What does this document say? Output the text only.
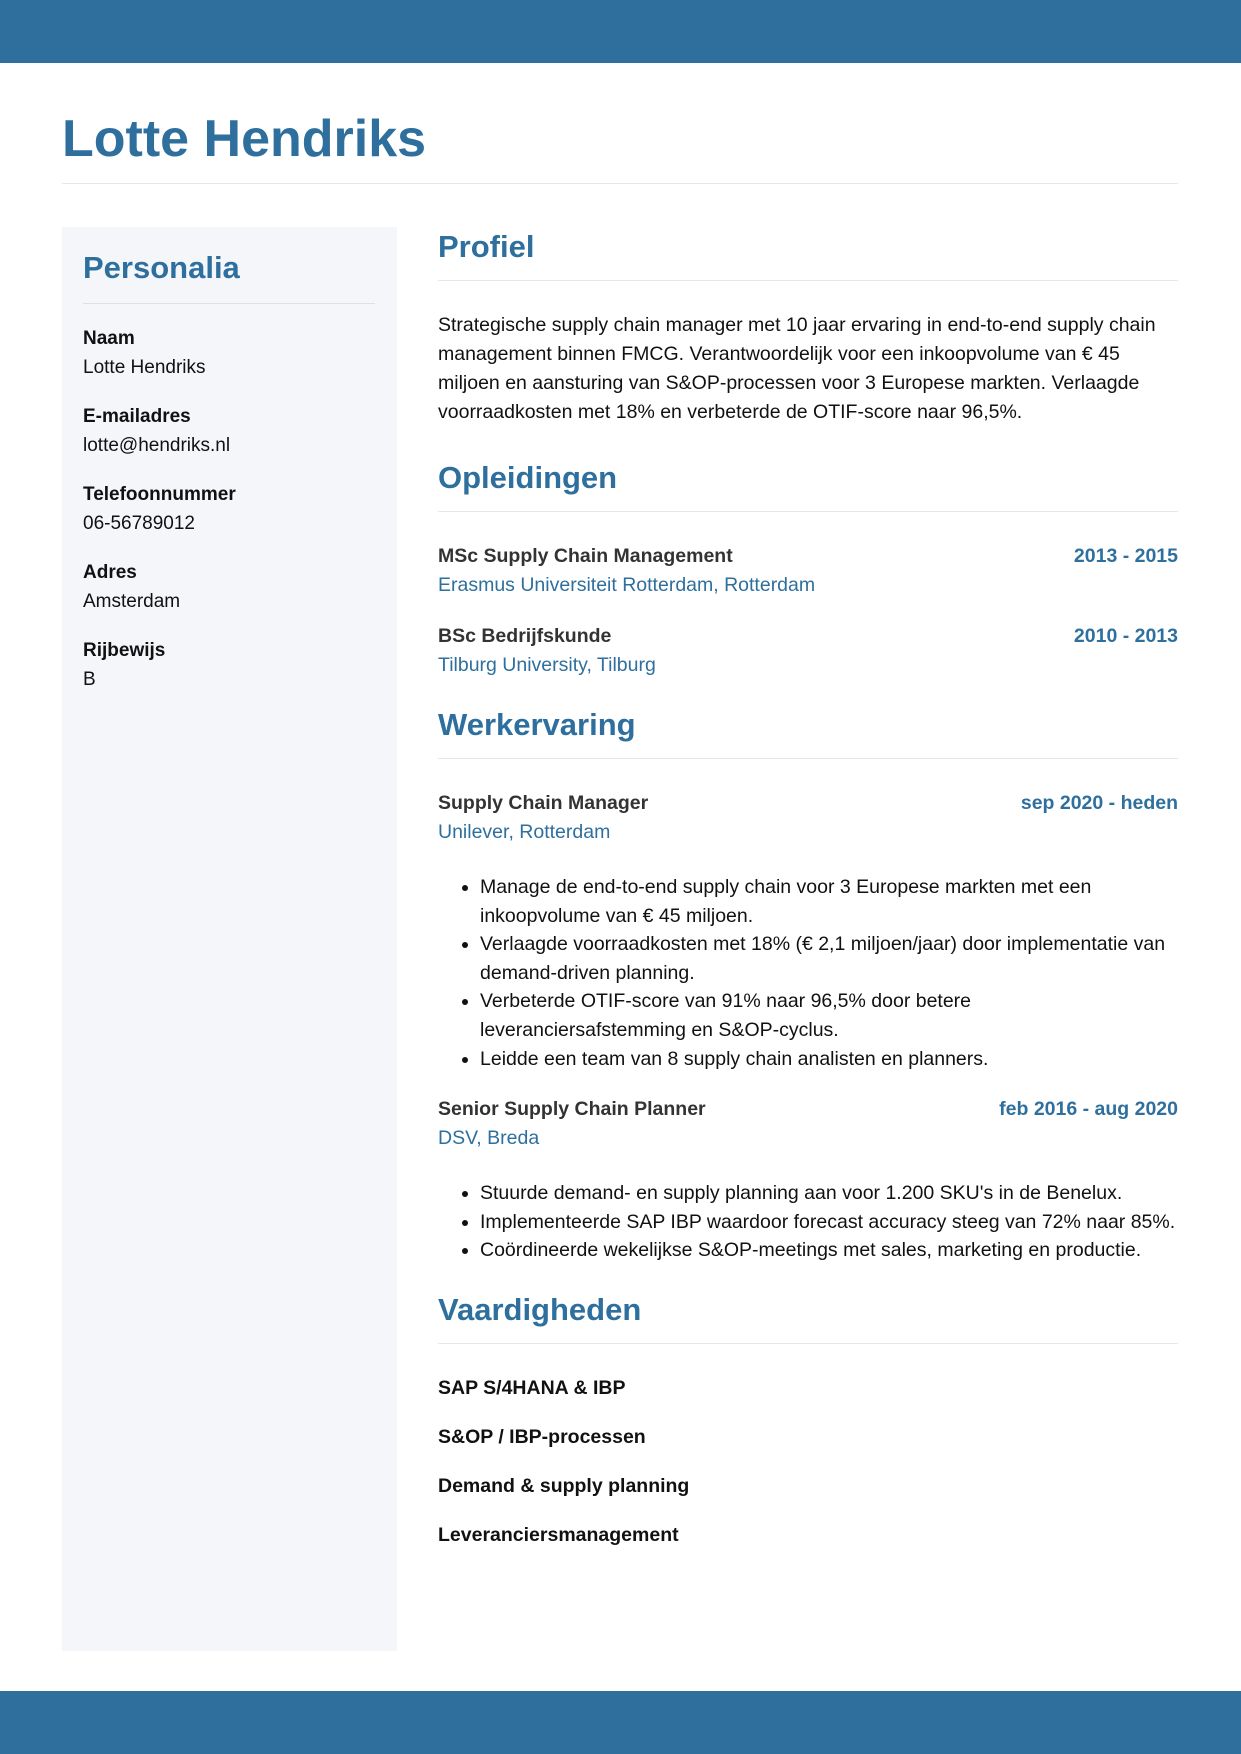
Lotte Hendriks
Personalia
Naam
Lotte Hendriks
E-mailadres
lotte@hendriks.nl
Telefoonnummer
06-56789012
Adres
Amsterdam
Rijbewijs
B
Profiel

Strategische supply chain manager met 10 jaar ervaring in end-to-end supply chain management binnen FMCG. Verantwoordelijk voor een inkoopvolume van € 45 miljoen en aansturing van S&OP-processen voor 3 Europese markten. Verlaagde voorraadkosten met 18% en verbeterde de OTIF-score naar 96,5%.

Opleidingen
MSc Supply Chain Management	2013 - 2015
Erasmus Universiteit Rotterdam, Rotterdam
BSc Bedrijfskunde	2010 - 2013
Tilburg University, Tilburg
Werkervaring
Supply Chain Manager	sep 2020 - heden
Unilever, Rotterdam
• Manage de end-to-end supply chain voor 3 Europese markten met een inkoopvolume van € 45 miljoen.
• Verlaagde voorraadkosten met 18% (€ 2,1 miljoen/jaar) door implementatie van demand-driven planning.
• Verbeterde OTIF-score van 91% naar 96,5% door betere leveranciersafstemming en S&OP-cyclus.
• Leidde een team van 8 supply chain analisten en planners.
Senior Supply Chain Planner	feb 2016 - aug 2020
DSV, Breda
• Stuurde demand- en supply planning aan voor 1.200 SKU's in de Benelux.
• Implementeerde SAP IBP waardoor forecast accuracy steeg van 72% naar 85%.
• Coördineerde wekelijkse S&OP-meetings met sales, marketing en productie.
Vaardigheden
SAP S/4HANA & IBP
S&OP / IBP-processen
Demand & supply planning
Leveranciersmanagement
